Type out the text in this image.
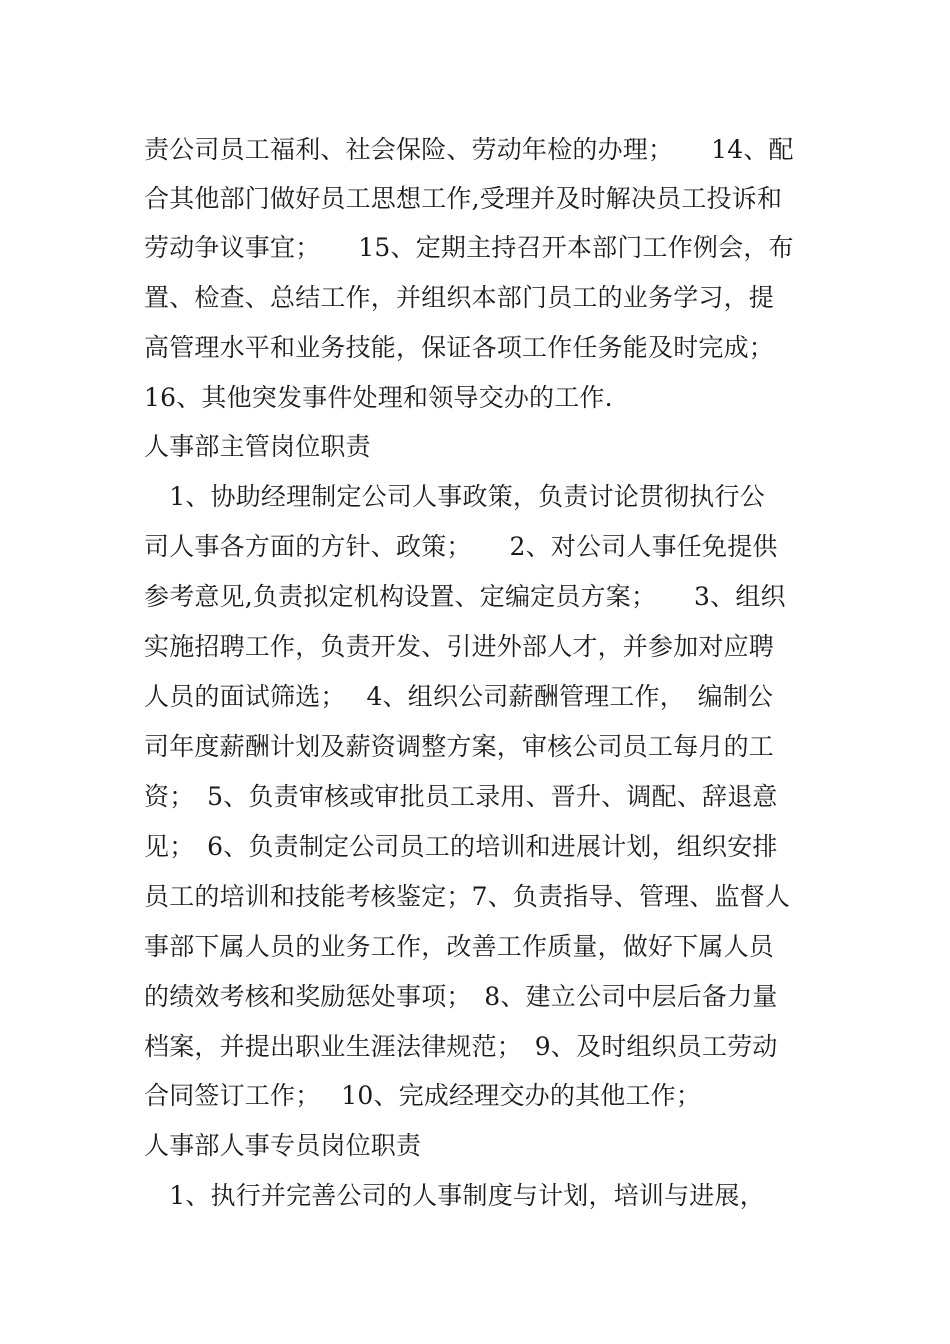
责公司员工福利、社会保险、劳动年检的办理；　　14、配
合其他部门做好员工思想工作,受理并及时解决员工投诉和
劳动争议事宜；　　15、定期主持召开本部门工作例会，布
置、检查、总结工作，并组织本部门员工的业务学习，提
高管理水平和业务技能，保证各项工作任务能及时完成；
16、其他突发事件处理和领导交办的工作.
人事部主管岗位职责
　1、协助经理制定公司人事政策，负责讨论贯彻执行公
司人事各方面的方针、政策；　　2、对公司人事任免提供
参考意见,负责拟定机构设置、定编定员方案；　　3、组织
实施招聘工作，负责开发、引进外部人才，并参加对应聘
人员的面试筛选；　 4、组织公司薪酬管理工作，　编制公
司年度薪酬计划及薪资调整方案，审核公司员工每月的工
资；　5、负责审核或审批员工录用、晋升、调配、辞退意
见；　6、负责制定公司员工的培训和进展计划，组织安排
员工的培训和技能考核鉴定；7、负责指导、管理、监督人
事部下属人员的业务工作，改善工作质量，做好下属人员
的绩效考核和奖励惩处事项；　8、建立公司中层后备力量
档案，并提出职业生涯法律规范；　9、及时组织员工劳动
合同签订工作；　 10、完成经理交办的其他工作；
人事部人事专员岗位职责
　1、执行并完善公司的人事制度与计划，培训与进展，
